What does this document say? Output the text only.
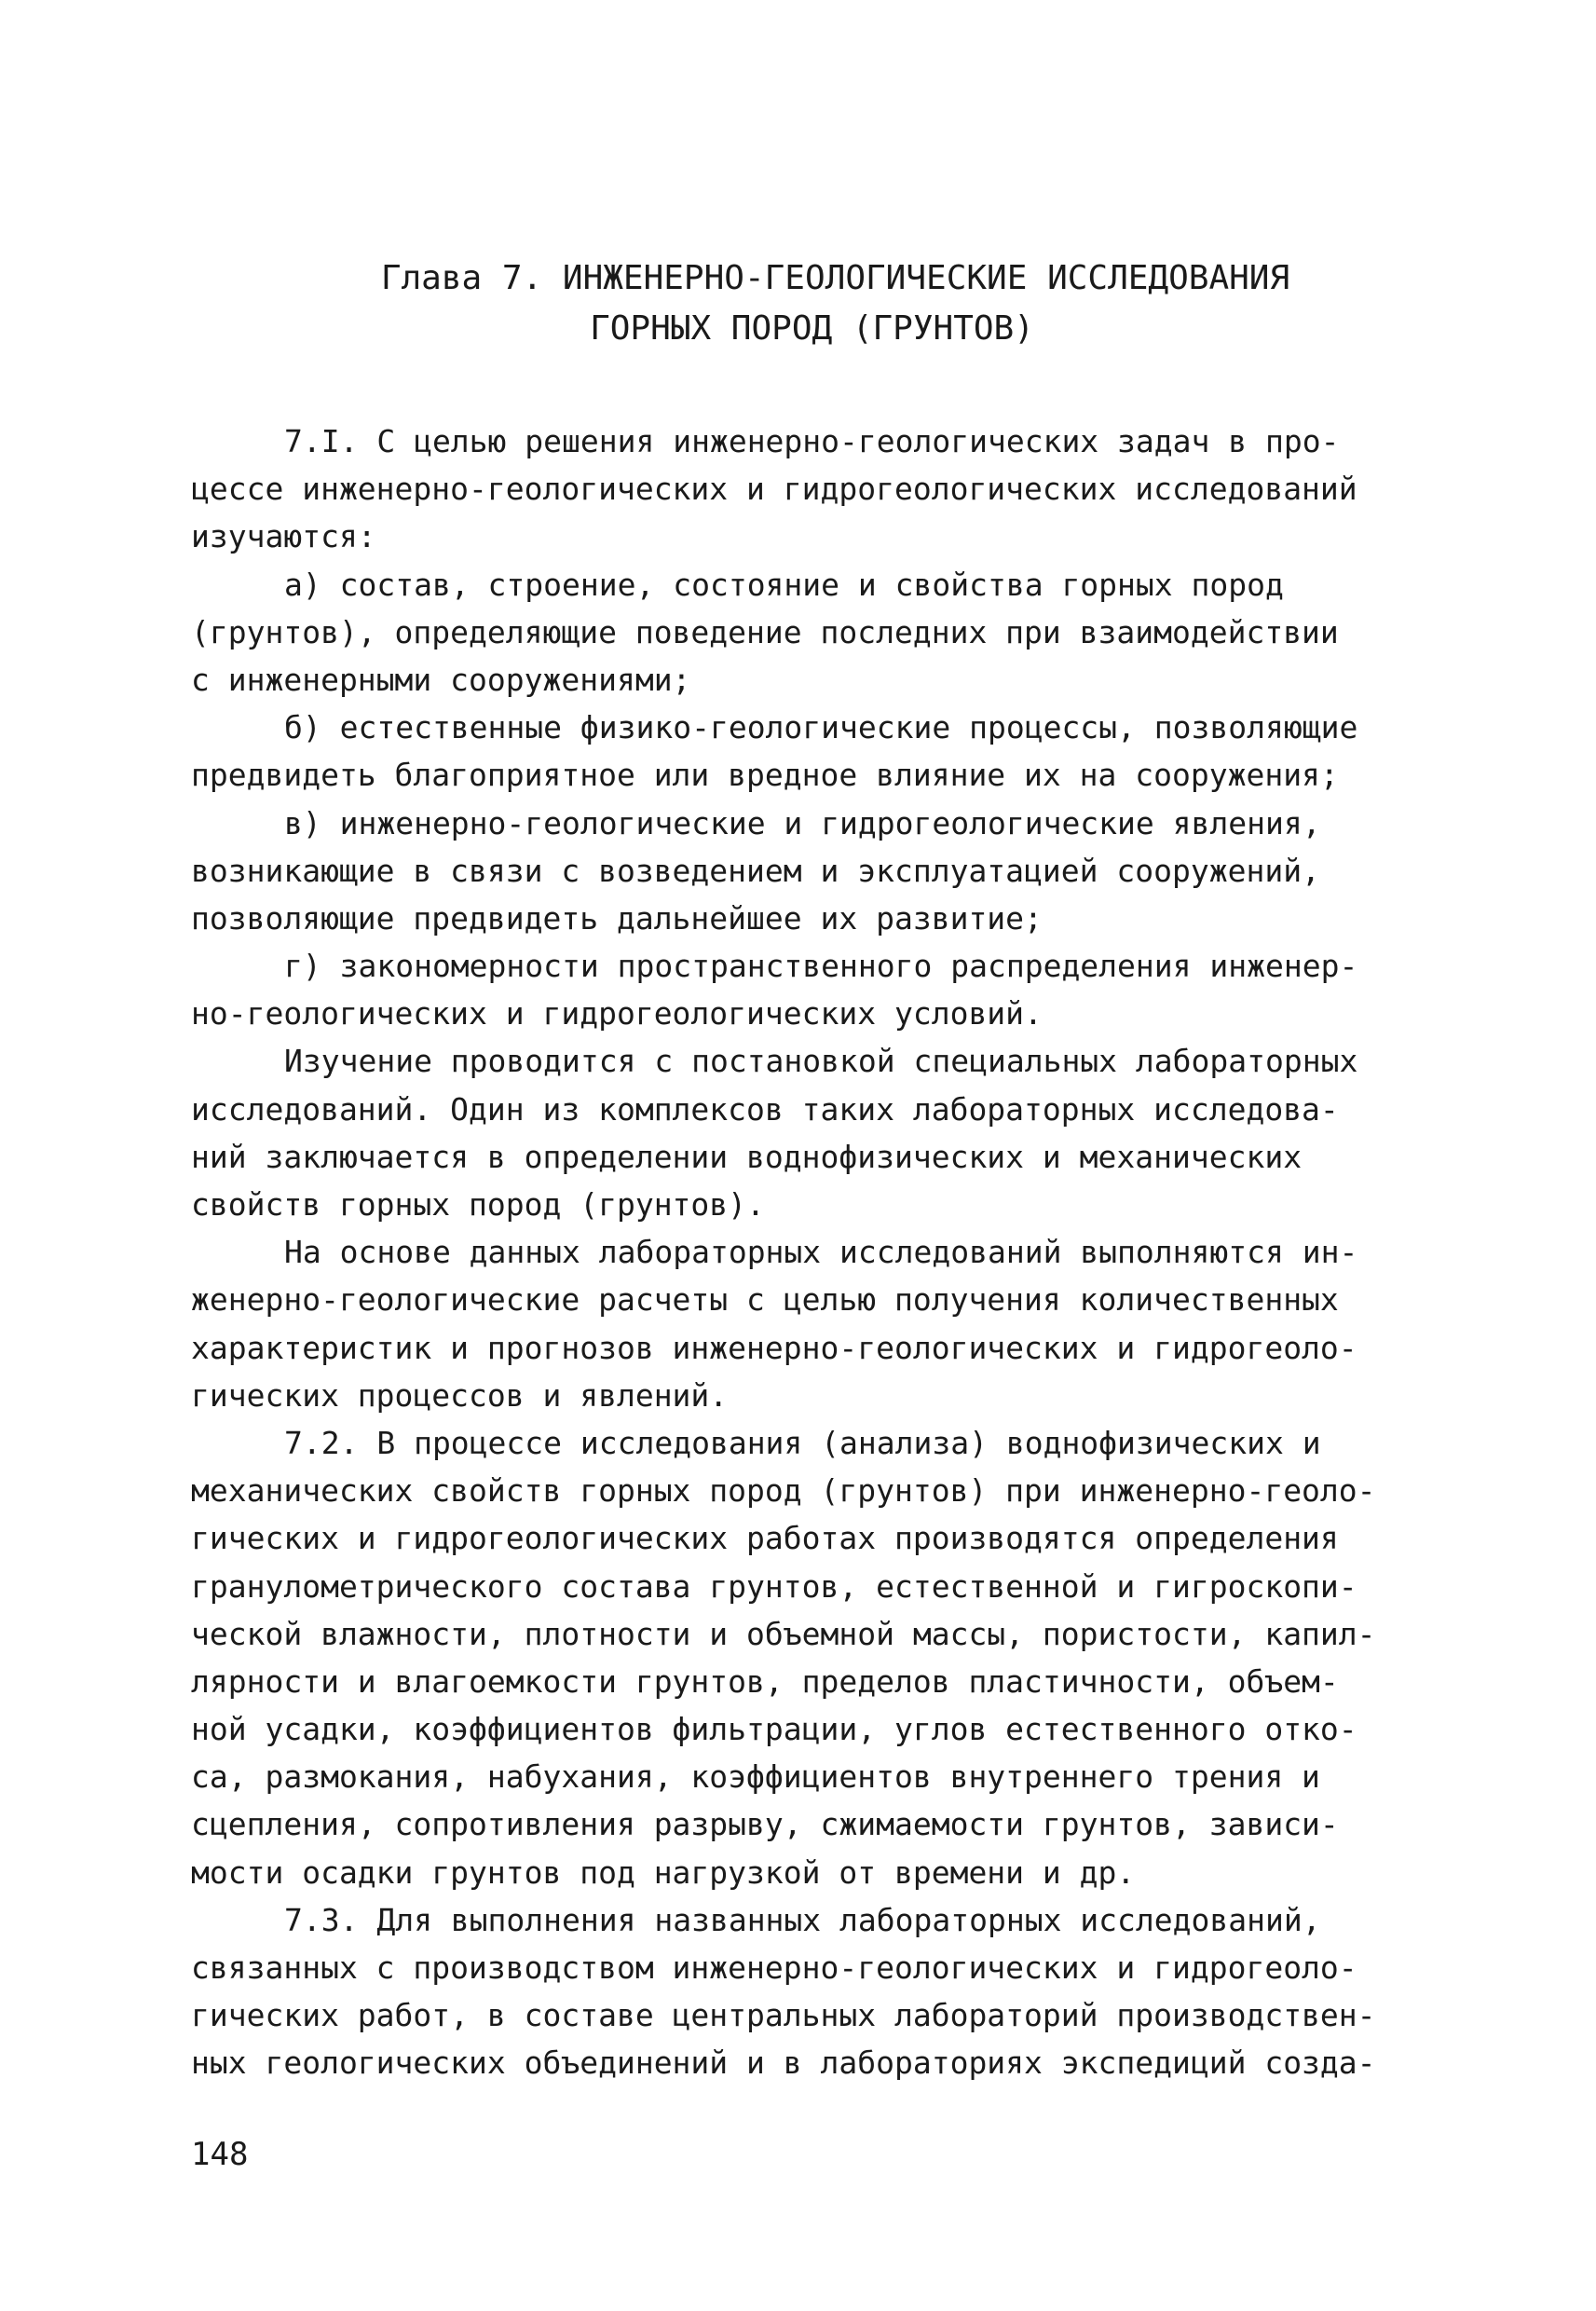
Глава 7. ИНЖЕНЕРНО-ГЕОЛОГИЧЕСКИЕ ИССЛЕДОВАНИЯ
ГОРНЫХ ПОРОД (ГРУНТОВ)
7.I. С целью решения инженерно-геологических задач в про-
цессе инженерно-геологических и гидрогеологических исследований
изучаются:
а) состав, строение, состояние и свойства горных пород
(грунтов), определяющие поведение последних при взаимодействии
с инженерными сооружениями;
б) естественные физико-геологические процессы, позволяющие
предвидеть благоприятное или вредное влияние их на сооружения;
в) инженерно-геологические и гидрогеологические явления,
возникающие в связи с возведением и эксплуатацией сооружений,
позволяющие предвидеть дальнейшее их развитие;
г) закономерности пространственного распределения инженер-
но-геологических и гидрогеологических условий.
Изучение проводится с постановкой специальных лабораторных
исследований. Один из комплексов таких лабораторных исследова-
ний заключается в определении воднофизических и механических
свойств горных пород (грунтов).
На основе данных лабораторных исследований выполняются ин-
женерно-геологические расчеты с целью получения количественных
характеристик и прогнозов инженерно-геологических и гидрогеоло-
гических процессов и явлений.
7.2. В процессе исследования (анализа) воднофизических и
механических свойств горных пород (грунтов) при инженерно-геоло-
гических и гидрогеологических работах производятся определения
гранулометрического состава грунтов, естественной и гигроскопи-
ческой влажности, плотности и объемной массы, пористости, капил-
лярности и влагоемкости грунтов, пределов пластичности, объем-
ной усадки, коэффициентов фильтрации, углов естественного отко-
са, размокания, набухания, коэффициентов внутреннего трения и
сцепления, сопротивления разрыву, сжимаемости грунтов, зависи-
мости осадки грунтов под нагрузкой от времени и др.
7.3. Для выполнения названных лабораторных исследований,
связанных с производством инженерно-геологических и гидрогеоло-
гических работ, в составе центральных лабораторий производствен-
ных геологических объединений и в лабораториях экспедиций созда-
148
